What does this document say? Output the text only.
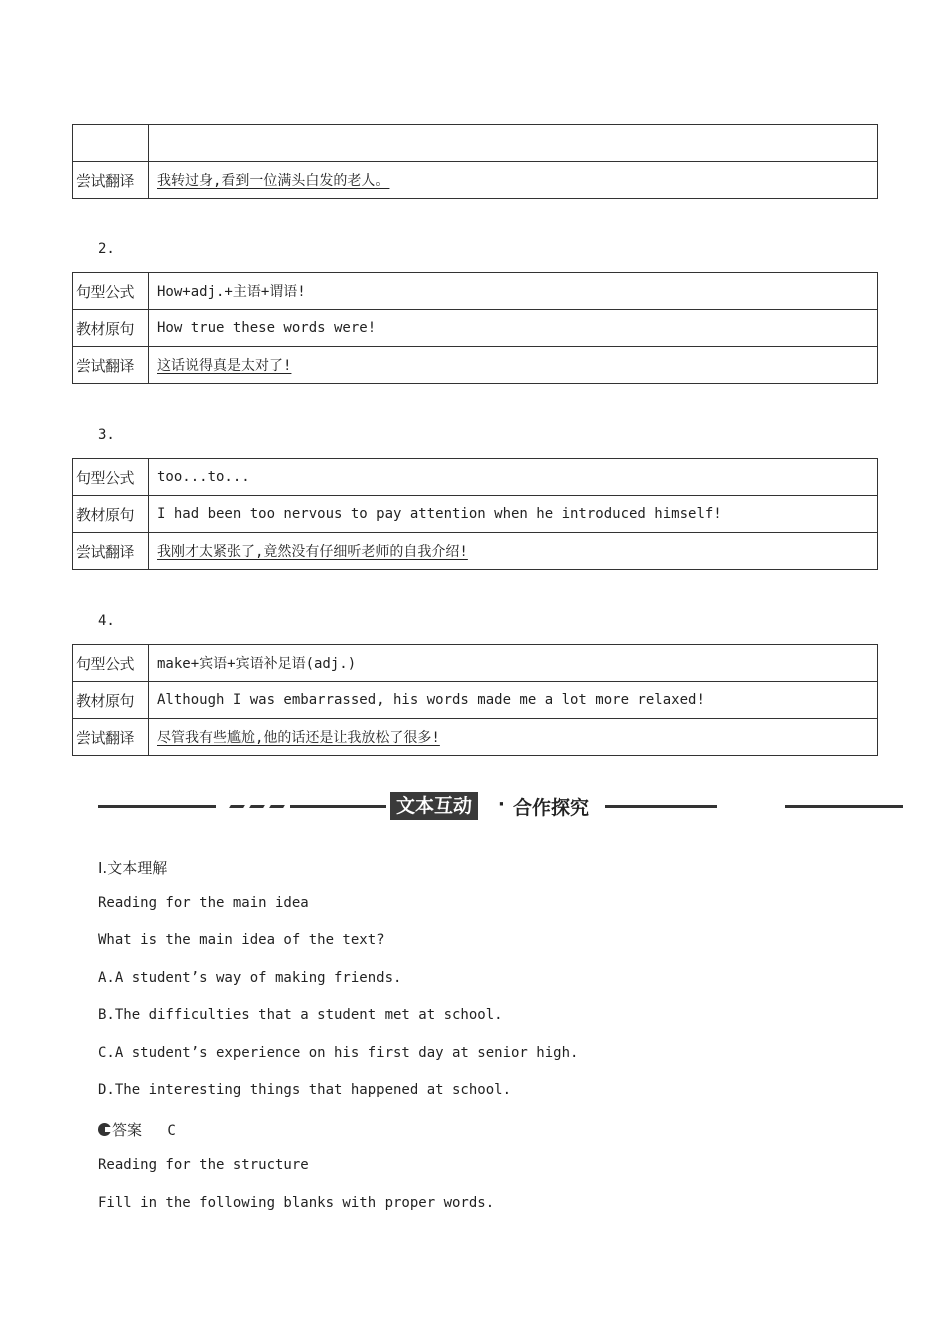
尝试翻译	我转过身,看到一位满头白发的老人。
2.
句型公式	How+adj.+主语+谓语!
教材原句	How true these words were!
尝试翻译	这话说得真是太对了!
3.
句型公式	too...to...
教材原句	I had been too nervous to pay attention when he introduced himself!
尝试翻译	我刚才太紧张了,竟然没有仔细听老师的自我介绍!
4.
句型公式	make+宾语+宾语补足语(adj.)
教材原句	Although I was embarrassed, his words made me a lot more relaxed!
尝试翻译	尽管我有些尴尬,他的话还是让我放松了很多!
文本互动	· 合作探究
Ⅰ.文本理解
Reading for the main idea
What is the main idea of the text?
A.A student’s way of making friends.
B.The difficulties that a student met at school.
C.A student’s experience on his first day at senior high.
D.The interesting things that happened at school.
答案 C
Reading for the structure
Fill in the following blanks with proper words.
